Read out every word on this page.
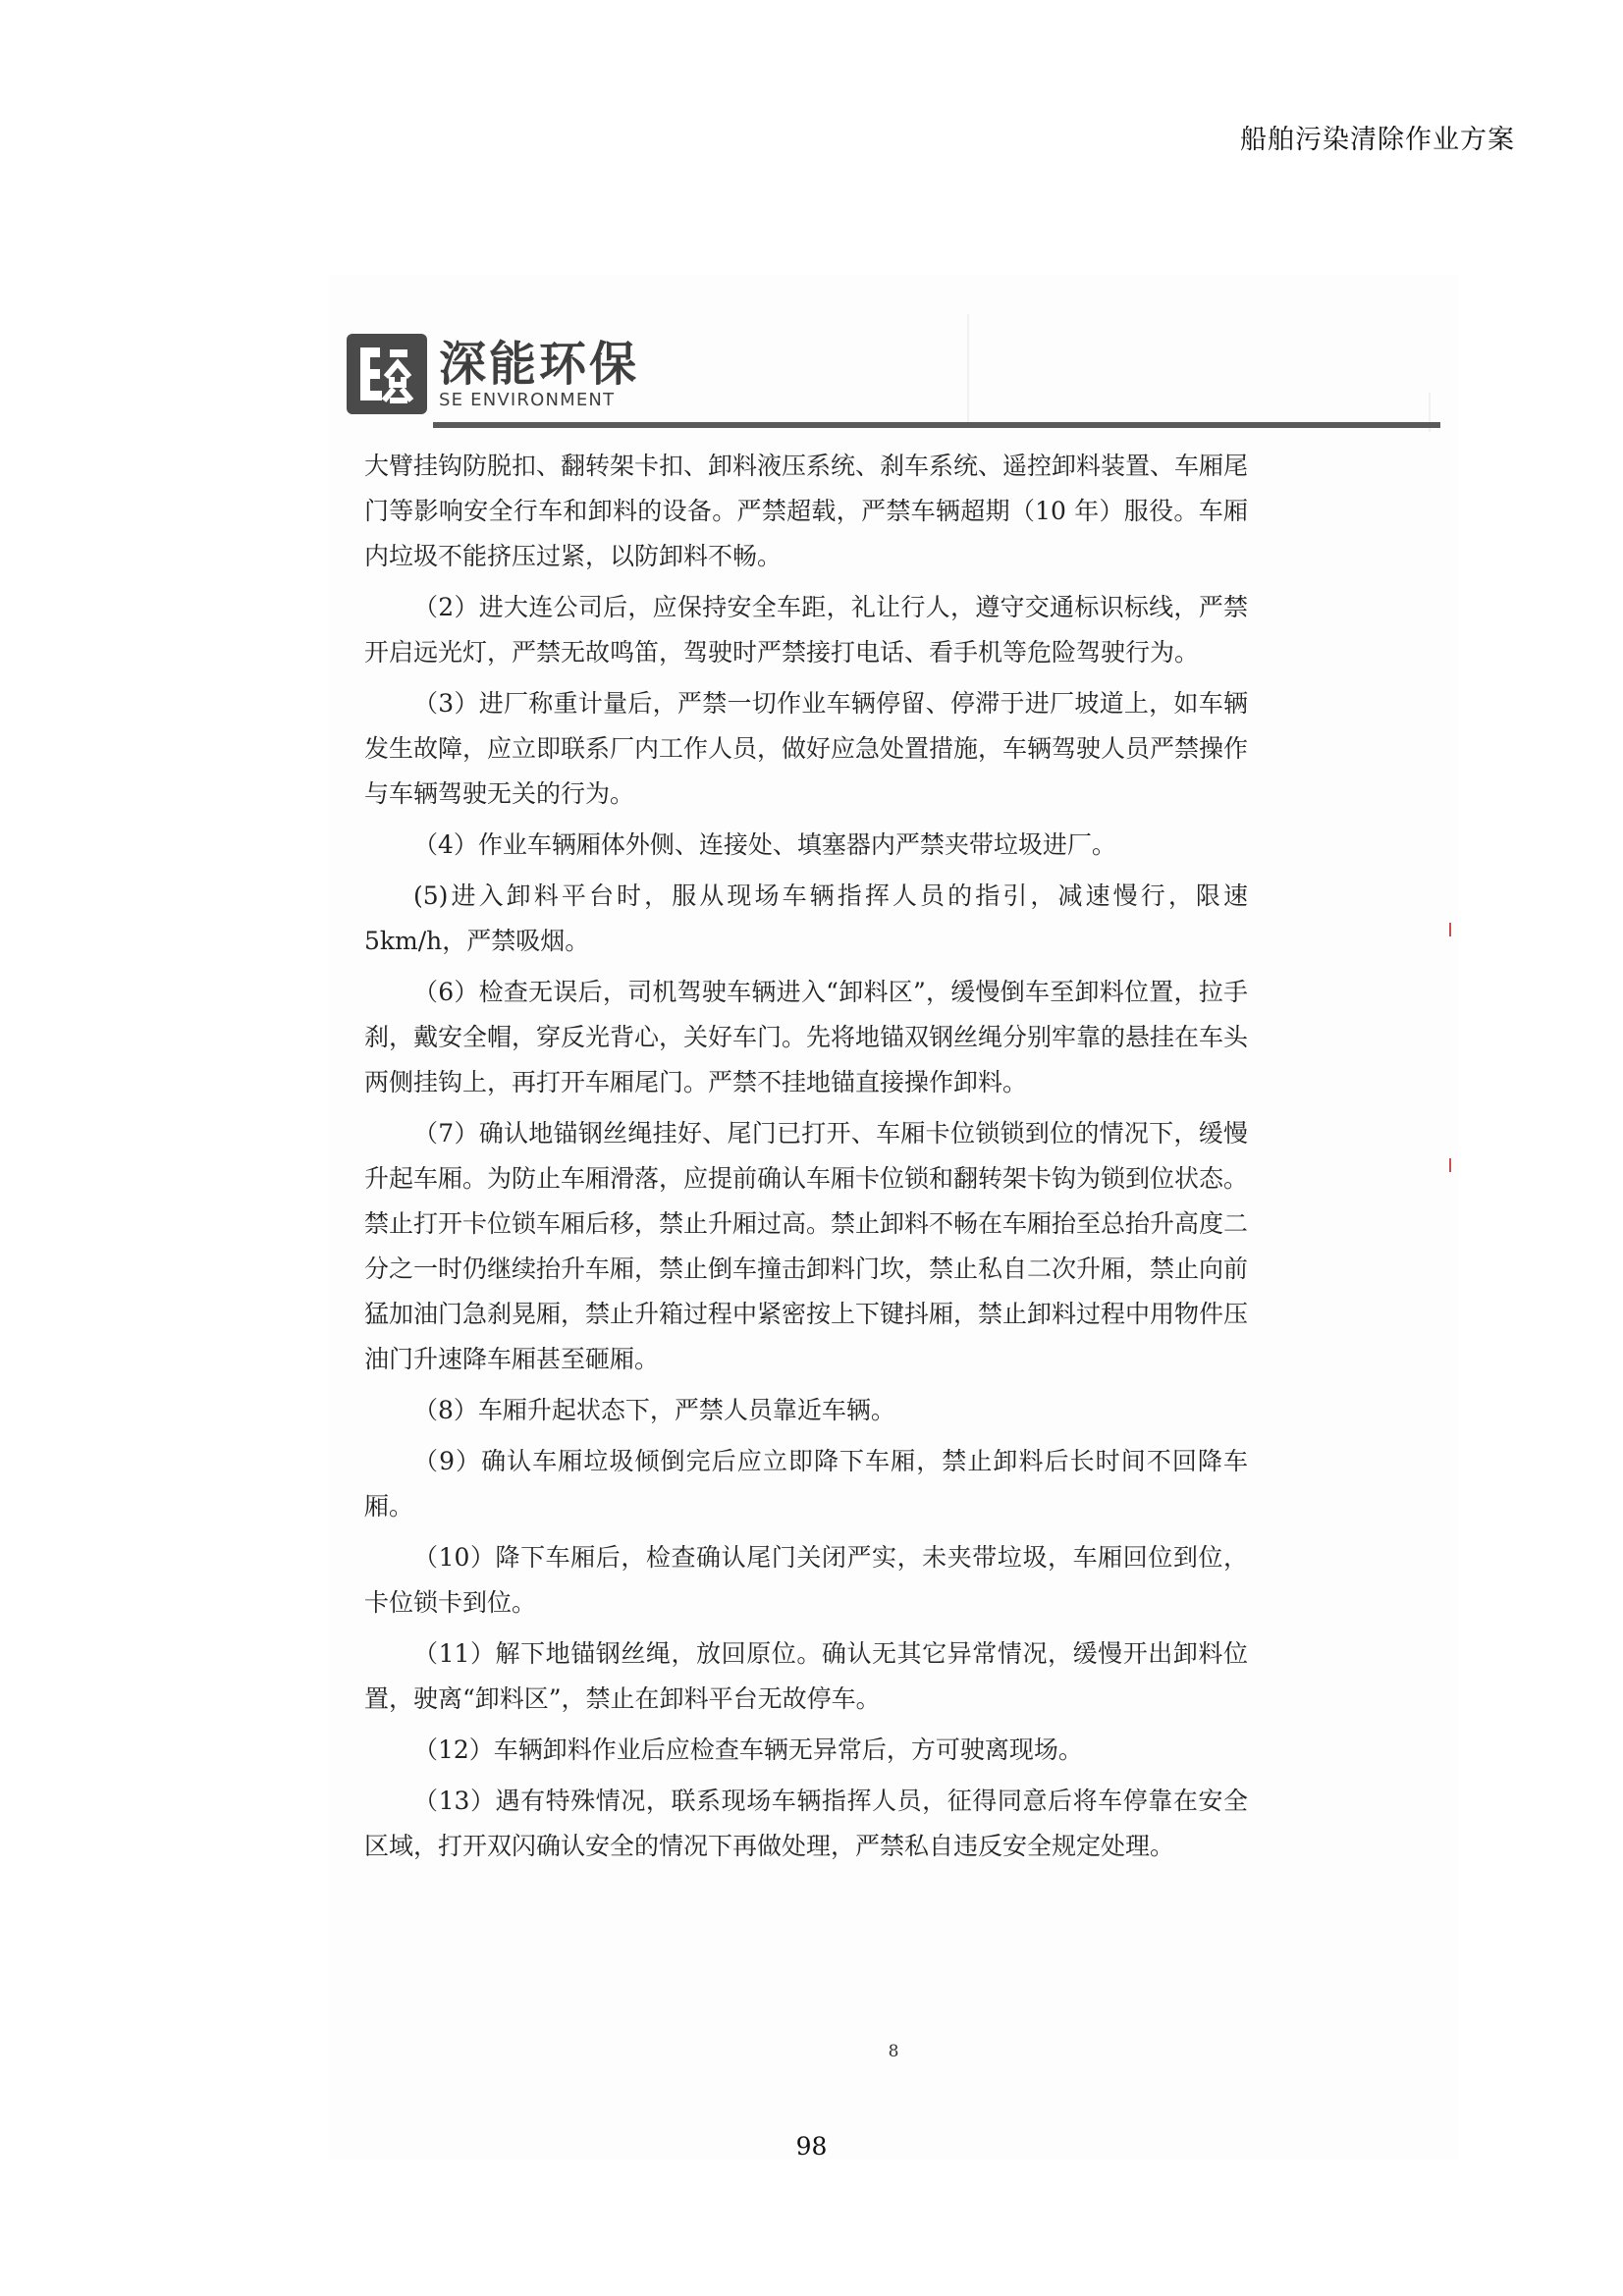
船舶污染清除作业方案
深能环保
SE ENVIRONMENT

大臂挂钩防脱扣、翻转架卡扣、卸料液压系统、刹车系统、遥控卸料装置、车厢尾门等影响安全行车和卸料的设备。严禁超载，严禁车辆超期（10 年）服役。车厢内垃圾不能挤压过紧，以防卸料不畅。

（2）进大连公司后，应保持安全车距，礼让行人，遵守交通标识标线，严禁开启远光灯，严禁无故鸣笛，驾驶时严禁接打电话、看手机等危险驾驶行为。

（3）进厂称重计量后，严禁一切作业车辆停留、停滞于进厂坡道上，如车辆发生故障，应立即联系厂内工作人员，做好应急处置措施，车辆驾驶人员严禁操作与车辆驾驶无关的行为。

（4）作业车辆厢体外侧、连接处、填塞器内严禁夹带垃圾进厂。

(5)进入卸料平台时，服从现场车辆指挥人员的指引，减速慢行，限速5km/h，严禁吸烟。

（6）检查无误后，司机驾驶车辆进入“卸料区”，缓慢倒车至卸料位置，拉手刹，戴安全帽，穿反光背心，关好车门。先将地锚双钢丝绳分别牢靠的悬挂在车头两侧挂钩上，再打开车厢尾门。严禁不挂地锚直接操作卸料。

（7）确认地锚钢丝绳挂好、尾门已打开、车厢卡位锁锁到位的情况下，缓慢升起车厢。为防止车厢滑落，应提前确认车厢卡位锁和翻转架卡钩为锁到位状态。禁止打开卡位锁车厢后移，禁止升厢过高。禁止卸料不畅在车厢抬至总抬升高度二分之一时仍继续抬升车厢，禁止倒车撞击卸料门坎，禁止私自二次升厢，禁止向前猛加油门急刹晃厢，禁止升箱过程中紧密按上下键抖厢，禁止卸料过程中用物件压油门升速降车厢甚至砸厢。

（8）车厢升起状态下，严禁人员靠近车辆。

（9）确认车厢垃圾倾倒完后应立即降下车厢，禁止卸料后长时间不回降车厢。

（10）降下车厢后，检查确认尾门关闭严实，未夹带垃圾，车厢回位到位，卡位锁卡到位。

（11）解下地锚钢丝绳，放回原位。确认无其它异常情况，缓慢开出卸料位置，驶离“卸料区”，禁止在卸料平台无故停车。

（12）车辆卸料作业后应检查车辆无异常后，方可驶离现场。

（13）遇有特殊情况，联系现场车辆指挥人员，征得同意后将车停靠在安全区域，打开双闪确认安全的情况下再做处理，严禁私自违反安全规定处理。

8
98
